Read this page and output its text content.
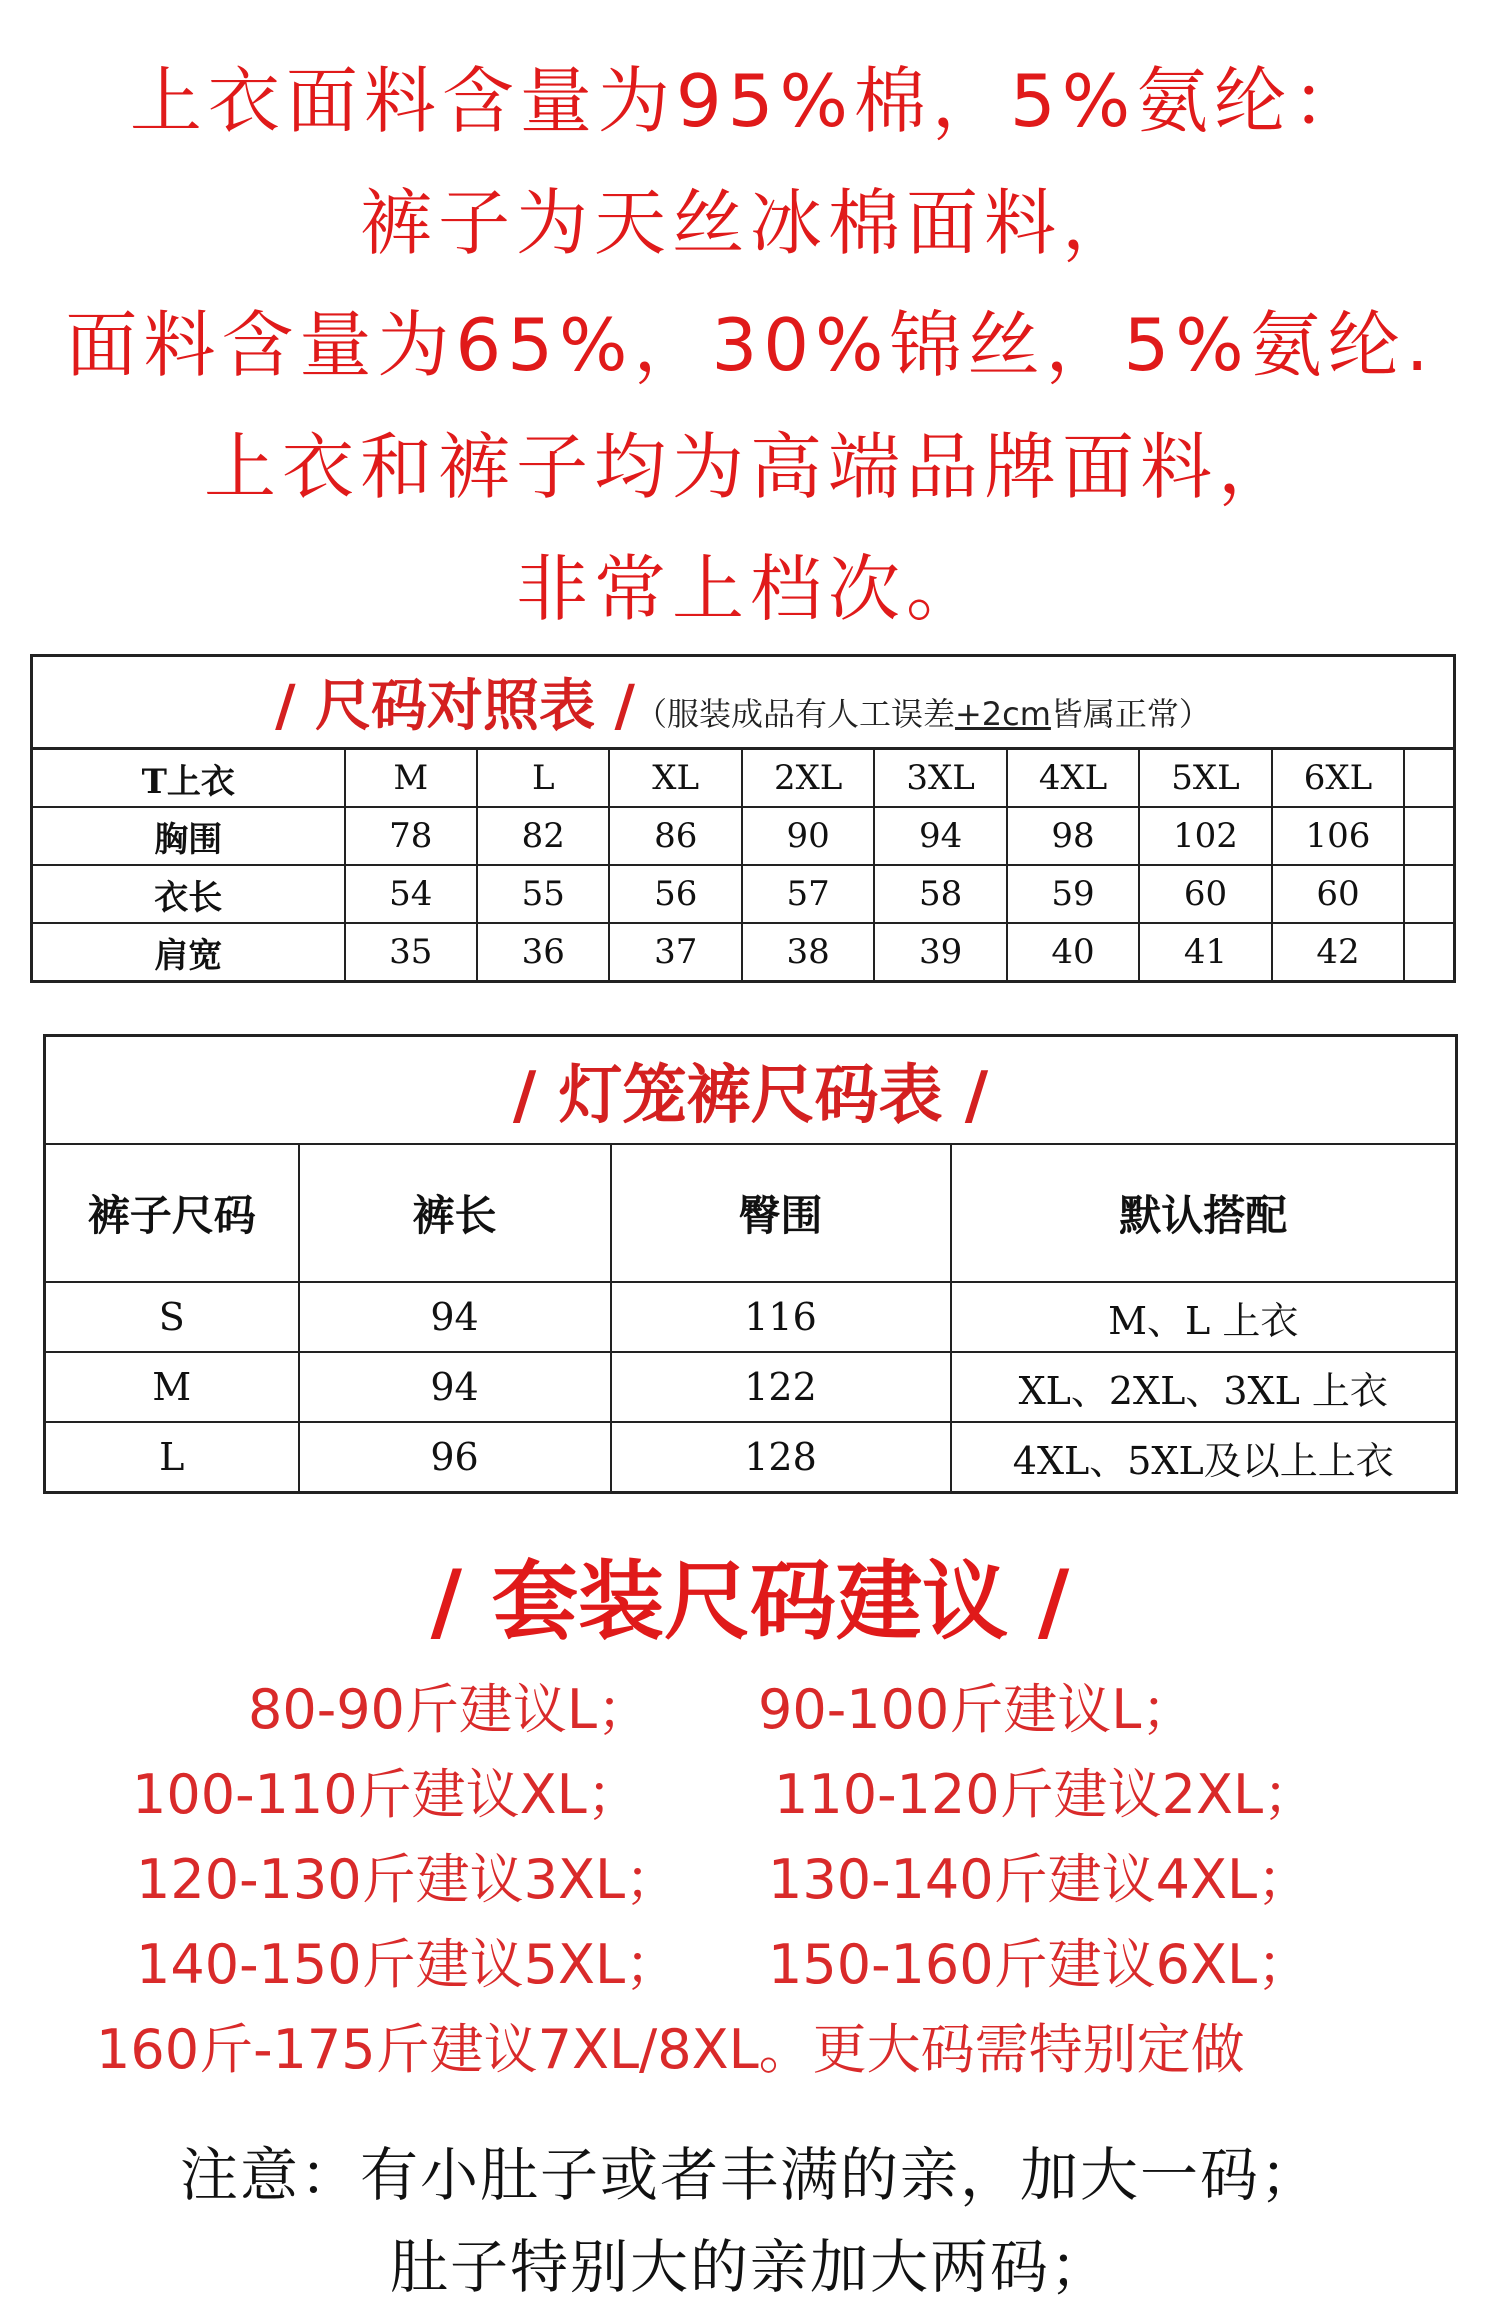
上衣面料含量为95%棉，5%氨纶：
裤子为天丝冰棉面料，
面料含量为65%，30%锦丝，5%氨纶.
上衣和裤子均为高端品牌面料，
非常上档次。
/ 尺码对照表 /（服装成品有人工误差+2cm皆属正常）									
T上衣	M	L	XL	2XL	3XL	4XL	5XL	6XL	
胸围	78	82	86	90	94	98	102	106	
衣长	54	55	56	57	58	59	60	60	
肩宽	35	36	37	38	39	40	41	42	
/ 灯笼裤尺码表 /			
裤子尺码	裤长	臀围	默认搭配
S	94	116	M、L 上衣
M	94	122	XL、2XL、3XL 上衣
L	96	128	4XL、5XL及以上上衣
/ 套装尺码建议 /
80-90斤建议L； 90-100斤建议L；
100-110斤建议XL； 110-120斤建议2XL；
120-130斤建议3XL； 130-140斤建议4XL；
140-150斤建议5XL； 150-160斤建议6XL；
160斤-175斤建议7XL/8XL。更大码需特别定做
注意：有小肚子或者丰满的亲，加大一码；
肚子特别大的亲加大两码；
